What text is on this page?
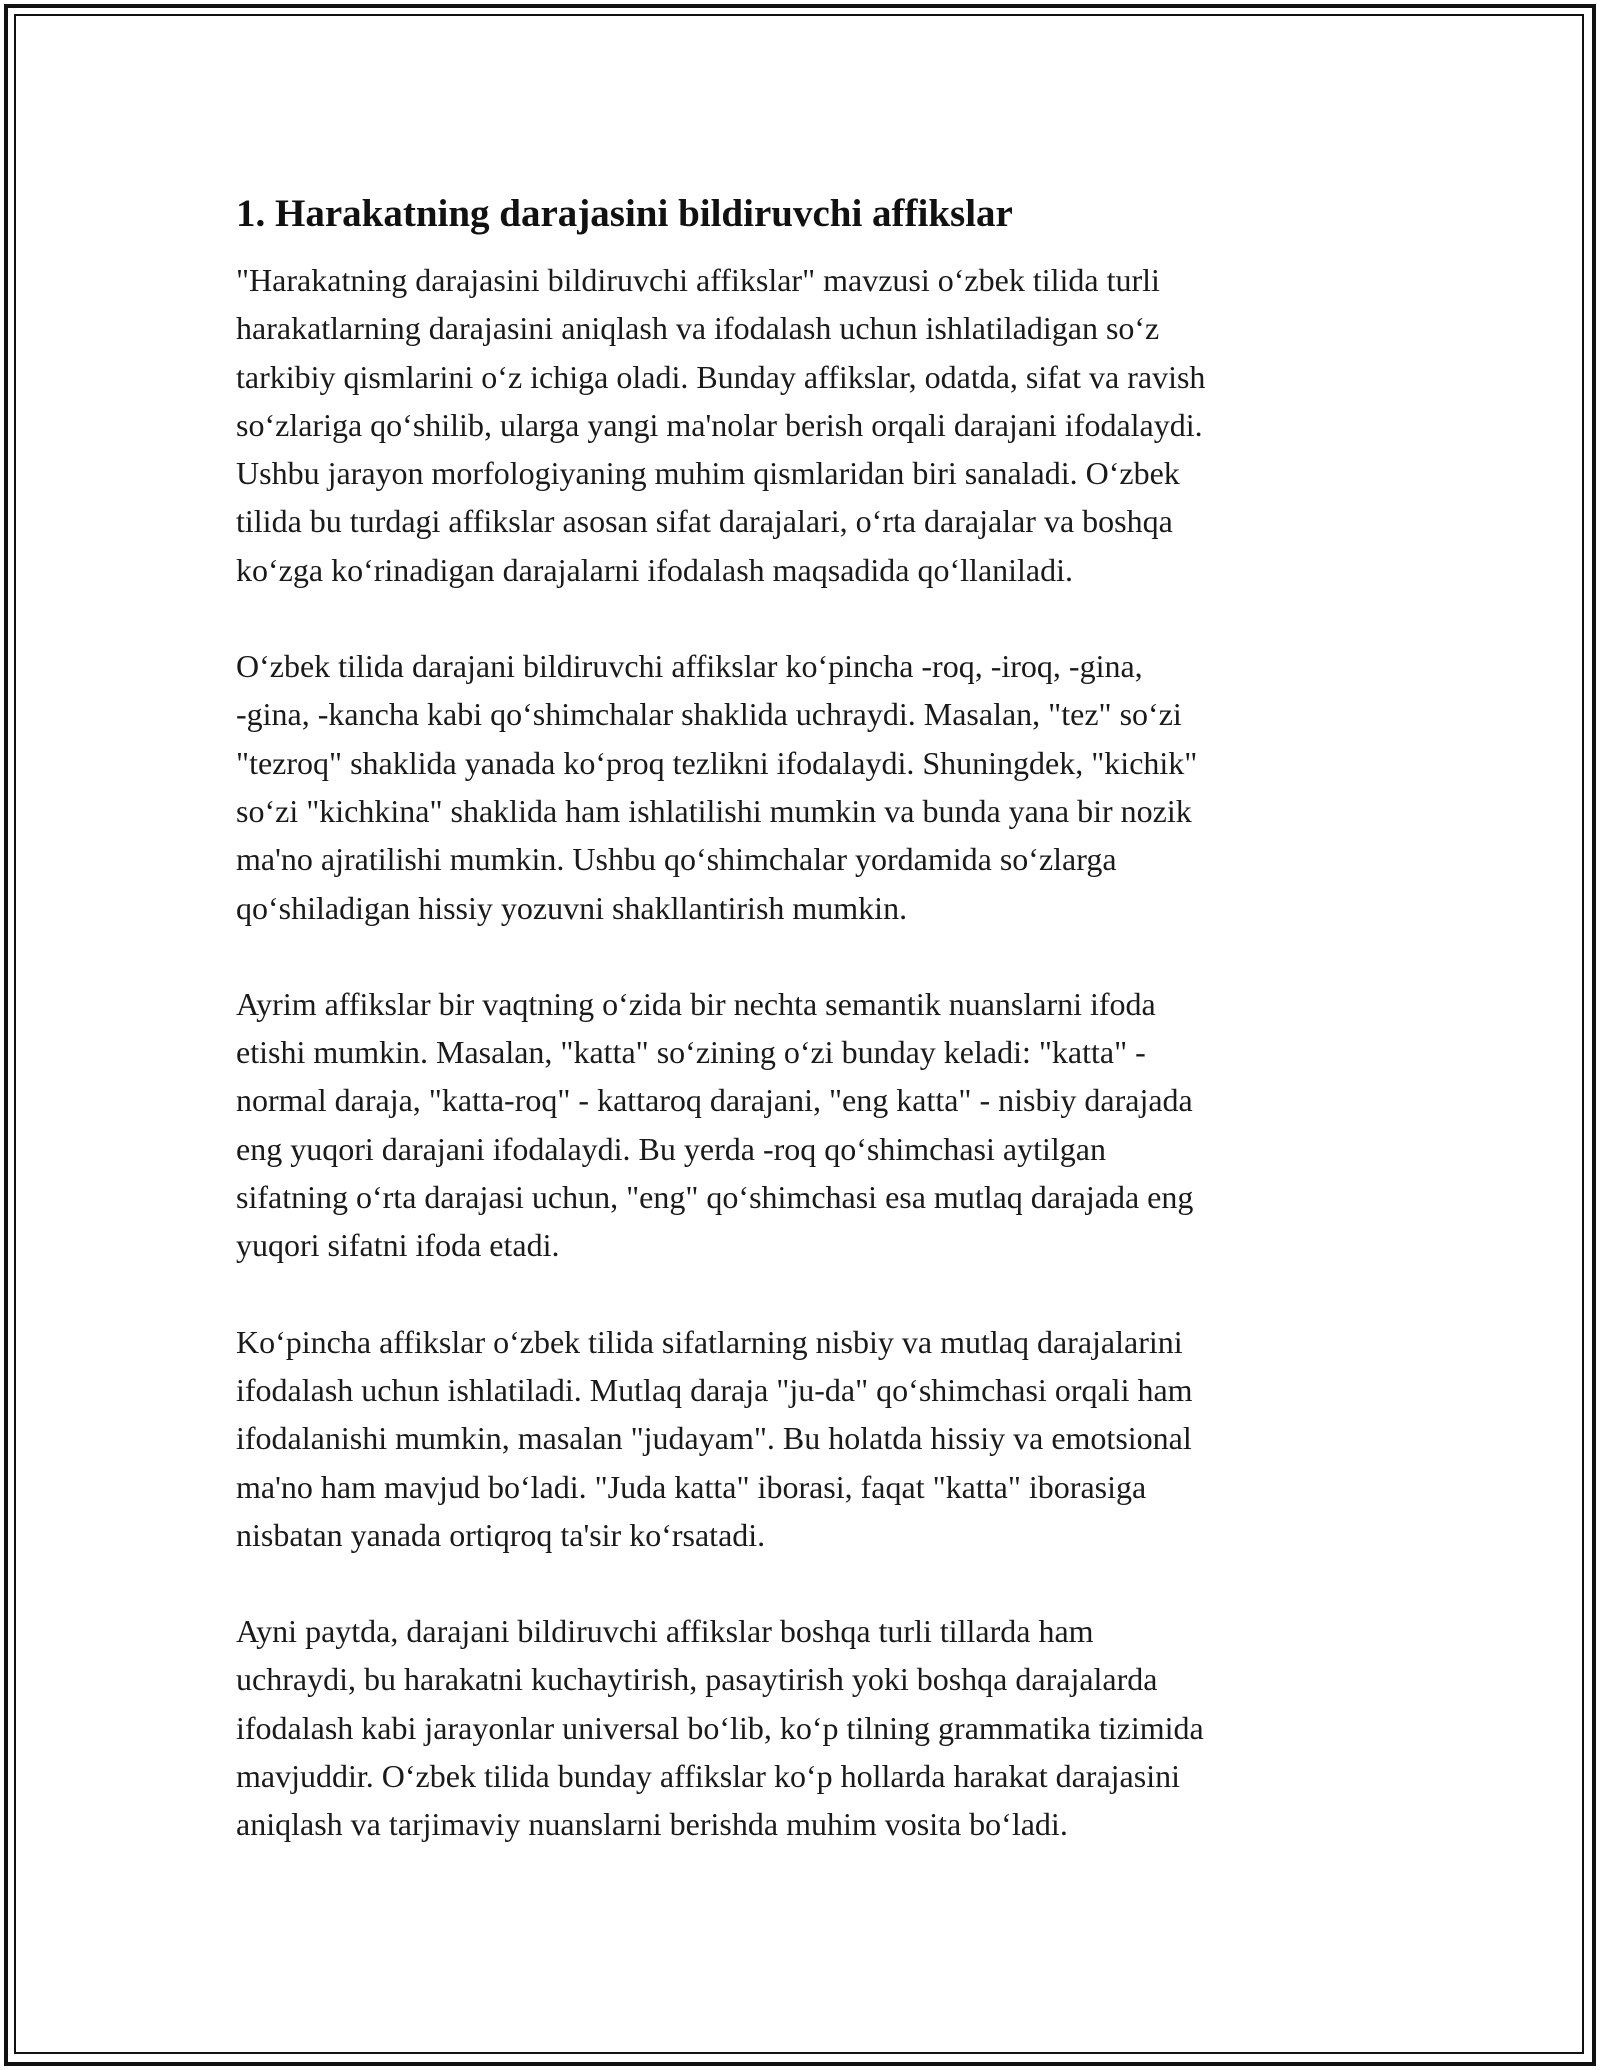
1. Harakatning darajasini bildiruvchi affikslar

"Harakatning darajasini bildiruvchi affikslar" mavzusi o‘zbek tilida turli
harakatlarning darajasini aniqlash va ifodalash uchun ishlatiladigan so‘z
tarkibiy qismlarini o‘z ichiga oladi. Bunday affikslar, odatda, sifat va ravish
so‘zlariga qo‘shilib, ularga yangi ma'nolar berish orqali darajani ifodalaydi.
Ushbu jarayon morfologiyaning muhim qismlaridan biri sanaladi. O‘zbek
tilida bu turdagi affikslar asosan sifat darajalari, o‘rta darajalar va boshqa
ko‘zga ko‘rinadigan darajalarni ifodalash maqsadida qo‘llaniladi.

O‘zbek tilida darajani bildiruvchi affikslar ko‘pincha -roq, -iroq, -gina,
-gina, -kancha kabi qo‘shimchalar shaklida uchraydi. Masalan, "tez" so‘zi
"tezroq" shaklida yanada ko‘proq tezlikni ifodalaydi. Shuningdek, "kichik"
so‘zi "kichkina" shaklida ham ishlatilishi mumkin va bunda yana bir nozik
ma'no ajratilishi mumkin. Ushbu qo‘shimchalar yordamida so‘zlarga
qo‘shiladigan hissiy yozuvni shakllantirish mumkin.

Ayrim affikslar bir vaqtning o‘zida bir nechta semantik nuanslarni ifoda
etishi mumkin. Masalan, "katta" so‘zining o‘zi bunday keladi: "katta" -
normal daraja, "katta-roq" - kattaroq darajani, "eng katta" - nisbiy darajada
eng yuqori darajani ifodalaydi. Bu yerda -roq qo‘shimchasi aytilgan
sifatning o‘rta darajasi uchun, "eng" qo‘shimchasi esa mutlaq darajada eng
yuqori sifatni ifoda etadi.

Ko‘pincha affikslar o‘zbek tilida sifatlarning nisbiy va mutlaq darajalarini
ifodalash uchun ishlatiladi. Mutlaq daraja "ju-da" qo‘shimchasi orqali ham
ifodalanishi mumkin, masalan "judayam". Bu holatda hissiy va emotsional
ma'no ham mavjud bo‘ladi. "Juda katta" iborasi, faqat "katta" iborasiga
nisbatan yanada ortiqroq ta'sir ko‘rsatadi.

Ayni paytda, darajani bildiruvchi affikslar boshqa turli tillarda ham
uchraydi, bu harakatni kuchaytirish, pasaytirish yoki boshqa darajalarda
ifodalash kabi jarayonlar universal bo‘lib, ko‘p tilning grammatika tizimida
mavjuddir. O‘zbek tilida bunday affikslar ko‘p hollarda harakat darajasini
aniqlash va tarjimaviy nuanslarni berishda muhim vosita bo‘ladi.
